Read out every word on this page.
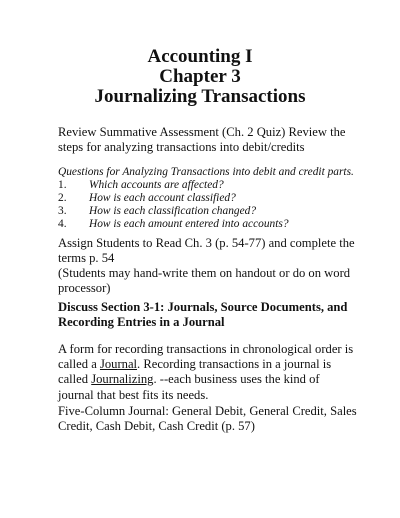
Accounting I
Chapter 3
Journalizing Transactions
Review Summative Assessment (Ch. 2 Quiz) Review the steps for analyzing transactions into debit/credits
Questions for Analyzing Transactions into debit and credit parts.
1. Which accounts are affected?
2. How is each account classified?
3. How is each classification changed?
4. How is each amount entered into accounts?
Assign Students to Read Ch. 3 (p. 54-77) and complete the terms p. 54
(Students may hand-write them on handout or do on word processor)
Discuss Section 3-1: Journals, Source Documents, and Recording Entries in a Journal
A form for recording transactions in chronological order is called a Journal. Recording transactions in a journal is called Journalizing. --each business uses the kind of journal that best fits its needs.
Five-Column Journal: General Debit, General Credit, Sales Credit, Cash Debit, Cash Credit (p. 57)
